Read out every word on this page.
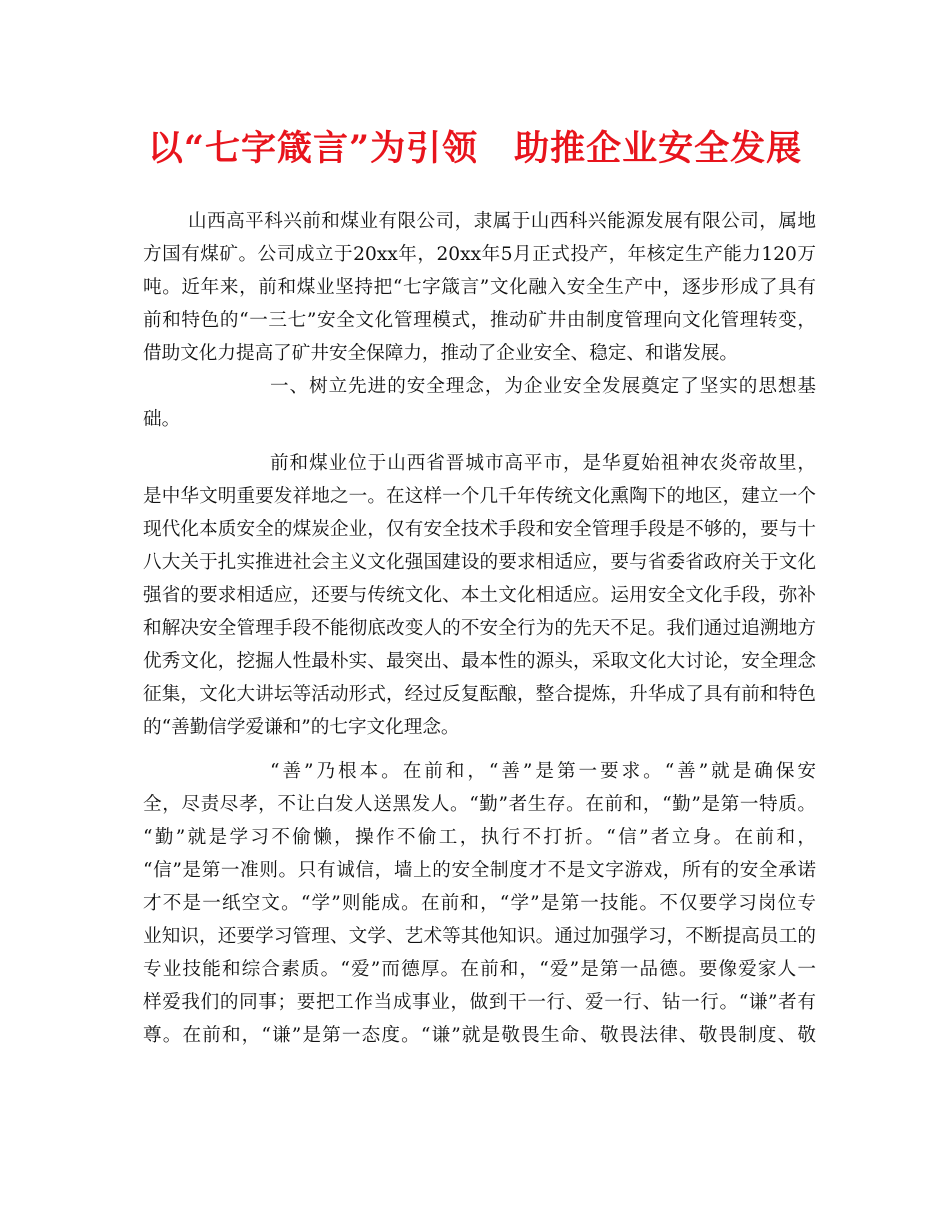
以“七字箴言”为引领　助推企业安全发展
山西高平科兴前和煤业有限公司，隶属于山西科兴能源发展有限公司，属地
方国有煤矿。公司成立于20xx年，20xx年5月正式投产，年核定生产能力120万
吨。近年来，前和煤业坚持把“七字箴言”文化融入安全生产中，逐步形成了具有
前和特色的“一三七”安全文化管理模式，推动矿井由制度管理向文化管理转变，
借助文化力提高了矿井安全保障力，推动了企业安全、稳定、和谐发展。
一、树立先进的安全理念，为企业安全发展奠定了坚实的思想基
础。
前和煤业位于山西省晋城市高平市，是华夏始祖神农炎帝故里，
是中华文明重要发祥地之一。在这样一个几千年传统文化熏陶下的地区，建立一个
现代化本质安全的煤炭企业，仅有安全技术手段和安全管理手段是不够的，要与十
八大关于扎实推进社会主义文化强国建设的要求相适应，要与省委省政府关于文化
强省的要求相适应，还要与传统文化、本土文化相适应。运用安全文化手段，弥补
和解决安全管理手段不能彻底改变人的不安全行为的先天不足。我们通过追溯地方
优秀文化，挖掘人性最朴实、最突出、最本性的源头，采取文化大讨论，安全理念
征集，文化大讲坛等活动形式，经过反复酝酿，整合提炼，升华成了具有前和特色
的“善勤信学爱谦和”的七字文化理念。
“善”乃根本。在前和，“善”是第一要求。“善”就是确保安
全，尽责尽孝，不让白发人送黑发人。“勤”者生存。在前和，“勤”是第一特质。
“勤”就是学习不偷懒，操作不偷工，执行不打折。“信”者立身。在前和，
“信”是第一准则。只有诚信，墙上的安全制度才不是文字游戏，所有的安全承诺
才不是一纸空文。“学”则能成。在前和，“学”是第一技能。不仅要学习岗位专
业知识，还要学习管理、文学、艺术等其他知识。通过加强学习，不断提高员工的
专业技能和综合素质。“爱”而德厚。在前和，“爱”是第一品德。要像爱家人一
样爱我们的同事；要把工作当成事业，做到干一行、爱一行、钻一行。“谦”者有
尊。在前和，“谦”是第一态度。“谦”就是敬畏生命、敬畏法律、敬畏制度、敬
